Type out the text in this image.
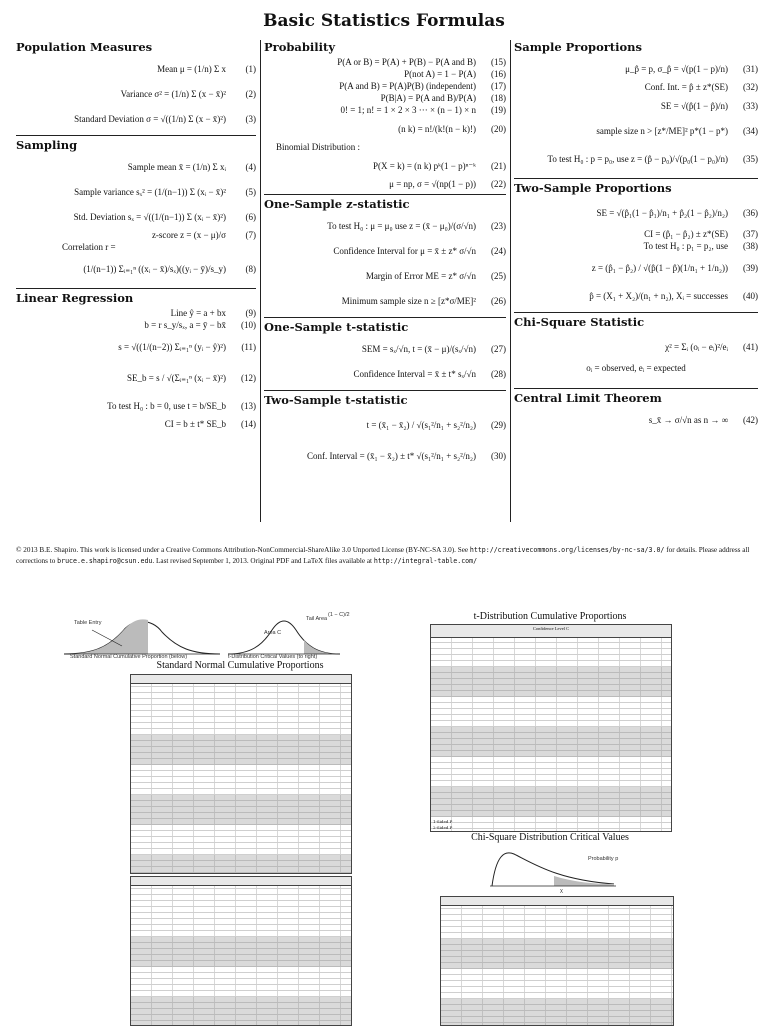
Basic Statistics Formulas
Population Measures
Mean μ = (1/n) Σ x	(1)
Variance σ² = (1/n) Σ (x − x̄)²	(2)
Standard Deviation σ = √((1/n) Σ (x − x̄)²)	(3)
Sampling
Sample mean x̄ = (1/n) Σ xᵢ	(4)
Sample variance sₓ² = (1/(n−1)) Σ (xᵢ − x̄)²	(5)
Std. Deviation sₓ = √((1/(n−1)) Σ (xᵢ − x̄)²)	(6)
z-score z = (x − μ)/σ	(7)
Correlation r =
(1/(n−1)) Σᵢ₌₁ⁿ ((xᵢ − x̄)/sₓ)((yᵢ − ȳ)/s_y)	(8)
Linear Regression
Line ŷ = a + bx	(9)
b = r s_y/sₓ, a = ȳ − bx̄	(10)
s = √((1/(n−2)) Σᵢ₌₁ⁿ (yᵢ − ŷ)²)	(11)
SE_b = s / √(Σᵢ₌₁ⁿ (xᵢ − x̄)²)	(12)
To test H₀ : b = 0, use t = b/SE_b	(13)
CI = b ± t* SE_b	(14)
Probability
P(A or B) = P(A) + P(B) − P(A and B)	(15)
P(not A) = 1 − P(A)	(16)
P(A and B) = P(A)P(B) (independent)	(17)
P(B|A) = P(A and B)/P(A)	(18)
0! = 1; n! = 1 × 2 × 3 ··· × (n − 1) × n	(19)
(n k) = n!/(k!(n − k)!)	(20)
Binomial Distribution :
P(X = k) = (n k) pᵏ(1 − p)ⁿ⁻ᵏ	(21)
μ = np, σ = √(np(1 − p))	(22)
One-Sample z-statistic
To test H₀ : μ = μ₀ use z = (x̄ − μ₀)/(σ/√n)	(23)
Confidence Interval for μ = x̄ ± z* σ/√n	(24)
Margin of Error ME = z* σ/√n	(25)
Minimum sample size n ≥ [z*σ/ME]²	(26)
One-Sample t-statistic
SEM = sₓ/√n, t = (x̄ − μ)/(sₓ/√n)	(27)
Confidence Interval = x̄ ± t* sₓ/√n	(28)
Two-Sample t-statistic
t = (x̄₁ − x̄₂) / √(s₁²/n₁ + s₂²/n₂)	(29)
Conf. Interval = (x̄₁ − x̄₂) ± t* √(s₁²/n₁ + s₂²/n₂)	(30)
Sample Proportions
μ_p̂ = p, σ_p̂ = √(p(1 − p)/n)	(31)
Conf. Int. = p̂ ± z*(SE)	(32)
SE = √(p̂(1 − p̂)/n)	(33)
sample size n > [z*/ME]² p*(1 − p*)	(34)
To test H₀ : p = p₀, use z = (p̂ − p₀)/√(p₀(1 − p₀)/n)	(35)
Two-Sample Proportions
SE = √(p̂₁(1 − p̂₁)/n₁ + p̂₂(1 − p̂₂)/n₂)	(36)
CI = (p̂₁ − p̂₂) ± z*(SE)	(37)
To test H₀ : p₁ = p₂, use	(38)
z = (p̂₁ − p̂₂) / √(p̂(1 − p̂)(1/n₁ + 1/n₂))	(39)
p̂ = (X₁ + X₂)/(n₁ + n₂), Xᵢ = successes	(40)
Chi-Square Statistic
χ² = Σᵢ (oᵢ − eᵢ)²/eᵢ	(41)
oᵢ = observed, eᵢ = expected
Central Limit Theorem
s_x̄ → σ/√n as n → ∞	(42)
© 2013 B.E. Shapiro. This work is licensed under a Creative Commons Attribution-NonCommercial-ShareAlike 3.0 Unported License (BY-NC-SA 3.0). See http://creativecommons.org/licenses/by-nc-sa/3.0/ for details. Please address all corrections to bruce.e.shapiro@csun.edu. Last revised September 1, 2013. Original PDF and LaTeX files available at http://integral-table.com/
Table Entry
Standard Normal Cumulative Proportion (below)
Area C
Tail Area
(1 − C)/2
t-Distribution Critical Values (to right)
Standard Normal Cumulative Proportions
t-Distribution Cumulative Proportions
Confidence Level C
1-Sided P
2-Sided P
Chi-Square Distribution Critical Values
Probability p
χ
